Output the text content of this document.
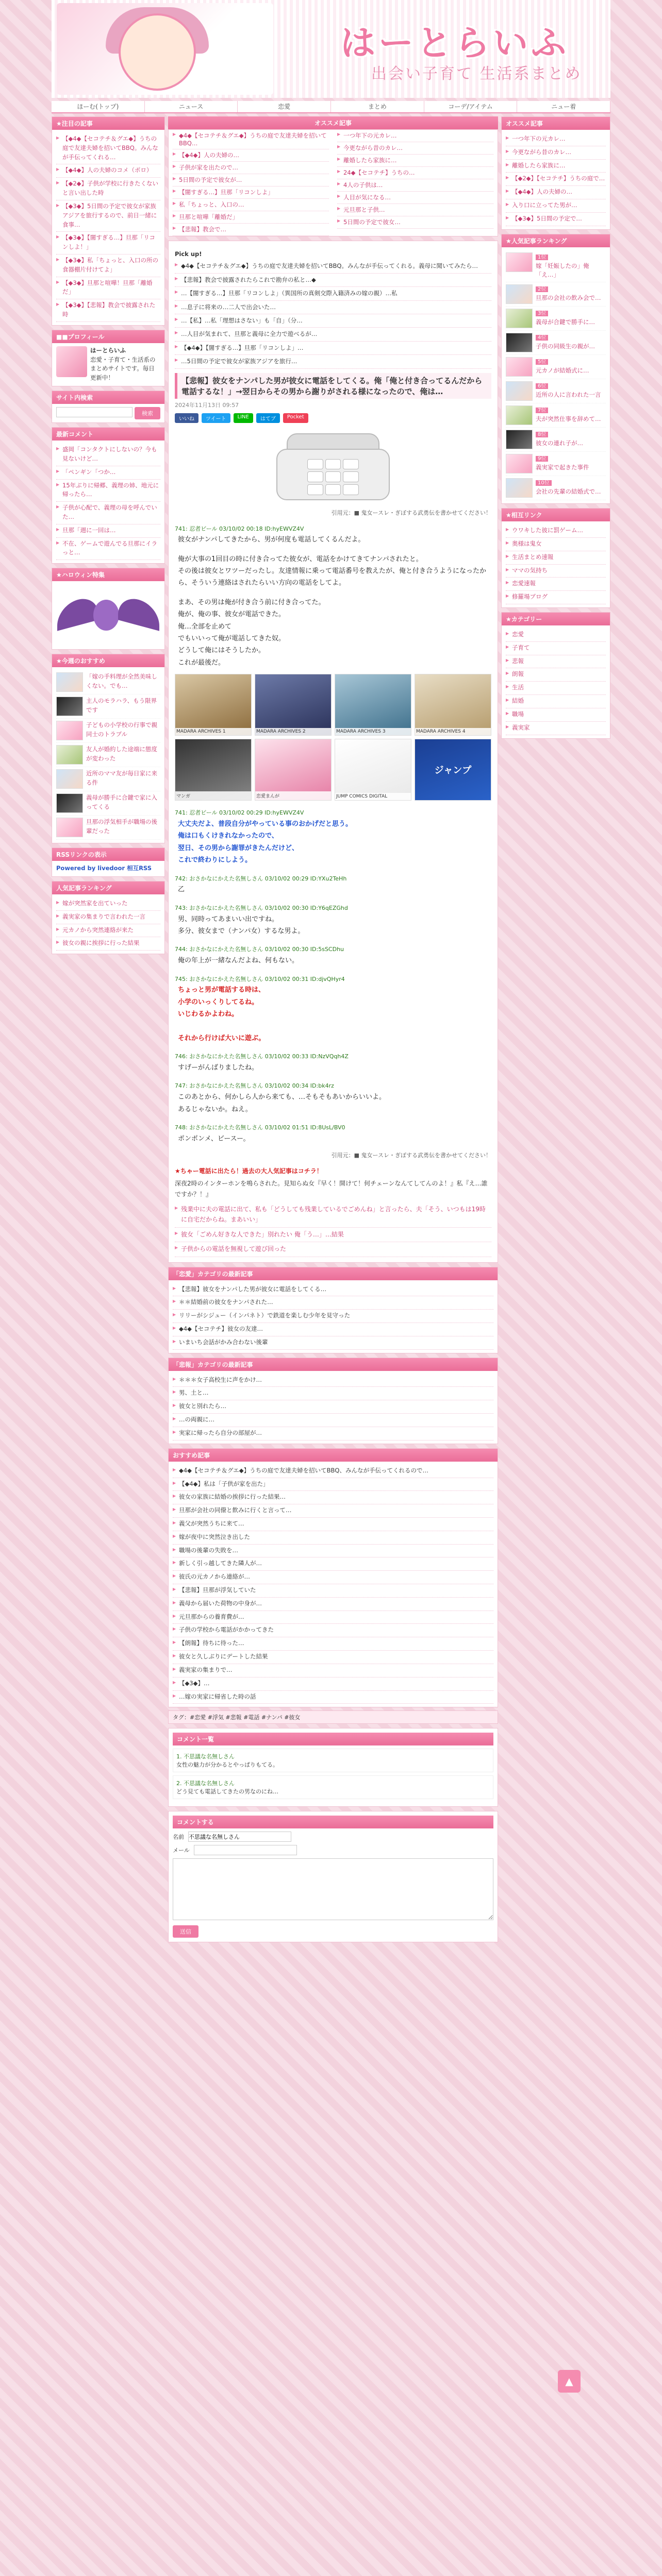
はーとらいふ
出会い子育て 生活系まとめ
ほーむ(トップ)	ニュース	恋愛	まとめ	コーデ/アイテム	ニュー着
★注目の記事
▶ 【◆4◆【セコテチ＆グエ◆】うちの庭で友達夫婦を招いてBBQ。みんなが手伝ってくれる…
▶ 【◆4◆】人の夫婦のコメ（ポロ）
▶ 【◆2◆】子供が学校に行きたくないと言い出した時
▶ 【◆3◆】5日間の予定で彼女が家族アジアを旅行するので、前日一緒に食事…
▶ 【◆3◆】【闇すぎる…】旦那「リコンしよ！」
▶ 【◆3◆】私「ちょっと、入口の所の食器棚片付けてよ」
▶ 【◆3◆】旦那と喧嘩！旦那「離婚だ」
▶ 【◆3◆】【悲報】教会で披露された時
■■プロフィール
はーとらいふ
恋愛・子育て・生活系のまとめサイトです。毎日更新中！
サイト内検索
検索
最新コメント
▶ 盛岡「コンタクトにしないの？今も見ないけど…
▶ 「ペンギン「つか…
▶ 15年ぶりに帰郷、義理の姉、地元に帰ったら…
▶ 子供が心配で、義理の母を呼んでいた…
▶ 旦那「週に一回は…
▶ 不在、ゲームで遊んでる旦那にイラっと…
★ハロウィン特集
★今週のおすすめ
「嫁の手料理が全然美味しくない。でも…
主人のモラハラ、もう限界です
子どもの小学校の行事で親同士のトラブル
友人が婚約した途端に態度が変わった
近所のママ友が毎日家に来る件
義母が勝手に合鍵で家に入ってくる
旦那の浮気相手が職場の後輩だった
RSSリンクの表示
Powered by livedoor 相互RSS
人気記事ランキング
▶ 嫁が突然家を出ていった
▶ 義実家の集まりで言われた一言
▶ 元カノから突然連絡が来た
▶ 彼女の親に挨拶に行った結果
オススメ記事
▶ ◆4◆【セコテチ＆グエ◆】うちの庭で友達夫婦を招いてBBQ…
▶ 【◆4◆】人の夫婦の…
▶ 子供が家を出たので…
▶ 5日間の予定で彼女が…
▶ 【闇すぎる…】旦那「リコンしよ」
▶ 私「ちょっと、入口の…
▶ 旦那と喧嘩「離婚だ」
▶ 【悲報】教会で…
▶ 一つ年下の元カレ…
▶ 今更ながら昔のカレ…
▶ 離婚したら家族に…
▶ 24◆【セコテチ】うちの…
▶ 4人の子供は…
▶ 人目が気になる…
▶ 元旦那と子供…
▶ 5日間の予定で彼女…
Pick up!
▶ ◆4◆【セコテチ＆グエ◆】うちの庭で友達夫婦を招いてBBQ。みんなが手伝ってくれる。義母に聞いてみたら…
▶ 【悲報】教会で披露されたらこれで勘弁の私と…◆
▶ …【闇すぎる…】旦那「リコンしよ」（異国所の真剣交際入籍済みの嫁の親）…私
▶ …息子に将来の…二人で出会いた…
▶ …【私】…私「理想はさない」も「自」（分…
▶ …人目が気まれて、旦那と義母に全力で遊べるが…
▶ 【◆4◆】【闇すぎる…】旦那「リコンしよ」…
▶ …5日間の予定で彼女が家族アジアを旅行…
【悲報】彼女をナンパした男が彼女に電話をしてくる。俺「俺と付き合ってるんだから電話するな！」→翌日からその男から謝りがされる様になったので、俺は…
2024年11月13日 09:57
いいね	ツイート	LINE	はてブ	Pocket
引用元：■ 鬼女ースレ・ぎぼする武勇伝を書かせてください！
741: 忍者ビール 03/10/02 00:18 ID:hyEWVZ4V
彼女がナンパしてきたから、男が何度も電話してくるんだよ。
俺が大事の1回目の時に付き合ってた彼女が、電話をかけてきてナンパされたと。
その後は彼女とワツーだったし。友達情報に乗って電話番号を教えたが、俺と付き合うようになったから、そういう連絡はされたらいい方向の電話をしてよ。
まあ、その男は俺が付き合う前に付き合ってた。
俺が、俺の事、彼女が電話できた。
俺…全部を止めて
でもいいって俺が電話してきた奴。
どうして俺にはそうしたか。
これが最後だ。
MADARA ARCHIVES 1	MADARA ARCHIVES 2	MADARA ARCHIVES 3	MADARA ARCHIVES 4
マンガ	恋愛まんが	JUMP COMICS DIGITAL
ジャンプ
741: 忍者ビール 03/10/02 00:29 ID:hyEWVZ4V
大丈夫だよ、普段自分がやっている事のおかげだと思う。
俺は口もくけきれなかったので、
翌日、その男から謝罪がきたんだけど、
これで終わりにしよう。
742: おさかなにかえた名無しさん 03/10/02 00:29 ID:YXu2TeHh
乙
743: おさかなにかえた名無しさん 03/10/02 00:30 ID:Y6qEZGhd
男、同時ってあまいい出ですね。
多分、彼女まで（ナンパ女）するな男よ。
744: おさかなにかえた名無しさん 03/10/02 00:30 ID:5sSCDhu
俺の年上が一緒なんだよね、何もない。
745: おさかなにかえた名無しさん 03/10/02 00:31 ID:djvQHyr4
ちょっと男が電話する時は、
小学のいっくりしてるね。
いじわるかよわね。

それから行けば大いに遊ぶ。
746: おさかなにかえた名無しさん 03/10/02 00:33 ID:NzVQqh4Z
すげーがんばりましたね。
747: おさかなにかえた名無しさん 03/10/02 00:34 ID:bk4rz
このあとから、何かしら人から来ても、…そもそもあいからいいよ。
あるじゃないか。ねえ。
748: おさかなにかえた名無しさん 03/10/02 01:51 ID:8UsL/BV0
ポンポンメ、ビースー。
引用元：■ 鬼女ースレ・ぎぼする武勇伝を書かせてください！
★ちゃー電話に出たら！過去の大人気記事はコチラ！
深夜2時のインターホンを鳴らされた。見知らぬ女『早く！開けて！何チェーンなんてしてんのよ！』私『え…誰ですか？！』
▶ 残業中に夫の電話に出て、私も「どうしても残業しているでごめんね」と言ったら、夫「そう、いつもは19時に自宅だからね。まあいい」
▶ 彼女「ごめん好きな人できた」別れたい 俺「う…」…結果
▶ 子供からの電話を無視して遊び回った
「恋愛」カテゴリの最新記事
▶ 【悲報】彼女をナンパした男が彼女に電話をしてくる…
▶ ＊＊結婚前の彼女をナンパされた…
▶ リリーがシジュー（インパネト）で鉄道を楽しむ少年を見守った
▶ ◆4◆【セコテチ】彼女の友達…
▶ いまいち会話がかみ合わない後輩
「悲報」カテゴリの最新記事
▶ ＊＊＊女子高校生に声をかけ…
▶ 男、土と…
▶ 彼女と別れたら…
▶ …の両親に…
▶ 実家に帰ったら自分の部屋が…
おすすめ記事
▶ ◆4◆【セコテチ＆グエ◆】うちの庭で友達夫婦を招いてBBQ、みんなが手伝ってくれるので…
▶ 【◆4◆】私は「子供が家を出た」
▶ 彼女の家族に結婚の挨拶に行った結果…
▶ 旦那が会社の同僚と飲みに行くと言って…
▶ 義父が突然うちに来て…
▶ 嫁が夜中に突然泣き出した
▶ 職場の後輩の失敗を…
▶ 新しく引っ越してきた隣人が…
▶ 彼氏の元カノから連絡が…
▶ 【悲報】旦那が浮気していた
▶ 義母から届いた荷物の中身が…
▶ 元旦那からの養育費が…
▶ 子供の学校から電話がかかってきた
▶ 【朗報】待ちに待った…
▶ 彼女と久しぶりにデートした結果
▶ 義実家の集まりで…
▶ 【◆3◆】…
▶ …嫁の実家に帰省した時の話
タグ：#恋愛 #浮気 #悲報 #電話 #ナンパ #彼女
コメント一覧
1. 不思議な名無しさん
女性の魅力が分かるとやっぱりもてる。
2. 不思議な名無しさん
どう見ても電話してきたの男なのにね…
コメントする
名前
不思議な名無しさん
メール
送信
オススメ記事
▶ 一つ年下の元カレ…
▶ 今更ながら昔のカレ…
▶ 離婚したら家族に…
▶ 【◆2◆】【セコテチ】うちの庭で…
▶ 【◆4◆】人の夫婦の…
▶ 入り口に立ってた男が…
▶ 【◆3◆】5日間の予定で…
★人気記事ランキング
1位
嫁「妊娠したの」俺「え…」
2位
旦那の会社の飲み会で…
3位
義母が合鍵で勝手に…
4位
子供の同級生の親が…
5位
元カノが結婚式に…
6位
近所の人に言われた一言
7位
夫が突然仕事を辞めて…
8位
彼女の連れ子が…
9位
義実家で起きた事件
10位
会社の先輩の結婚式で…
★相互リンク
▶ ウワキした彼に罰ゲーム…
▶ 奥様は鬼女
▶ 生活まとめ速報
▶ ママの気持ち
▶ 恋愛速報
▶ 修羅場ブログ
★カテゴリー
▶ 恋愛
▶ 子育て
▶ 悲報
▶ 朗報
▶ 生活
▶ 結婚
▶ 職場
▶ 義実家
▲
